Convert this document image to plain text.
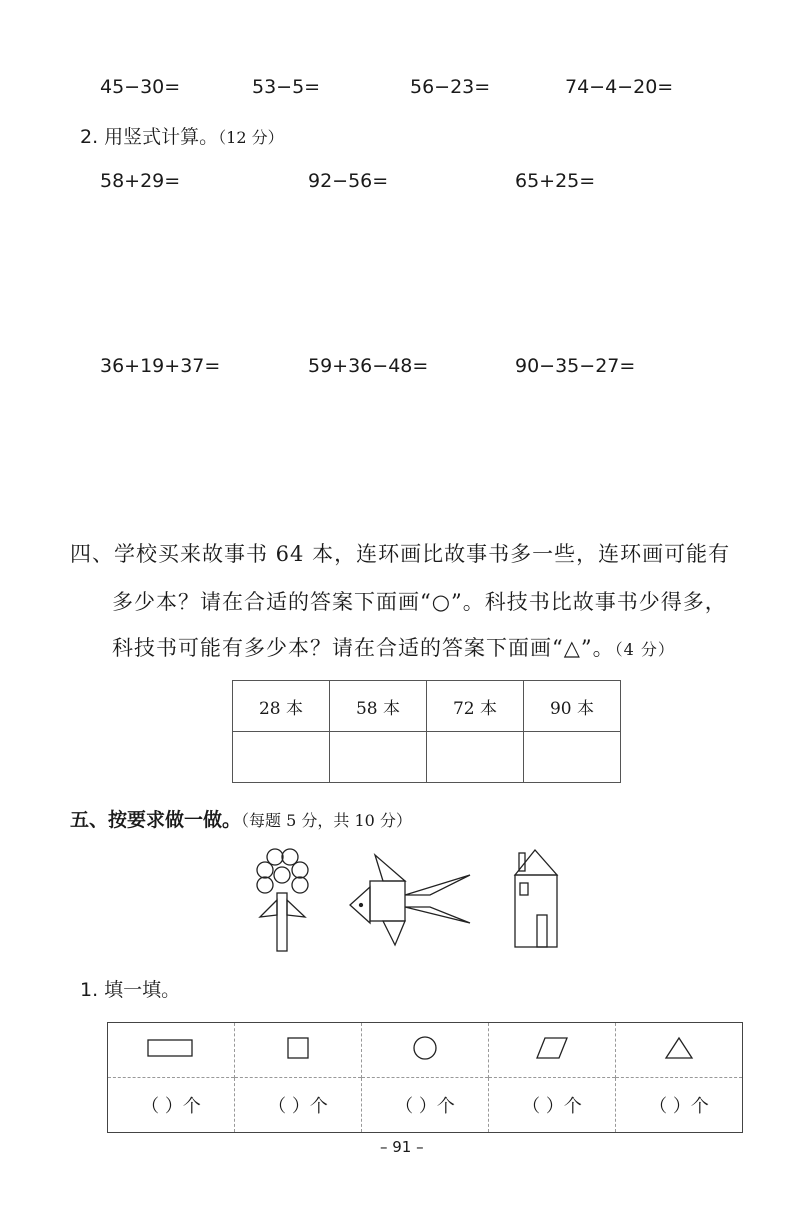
45−30=	53−5=	56−23=	74−4−20=
2. 用竖式计算。（12 分）
58+29=	92−56=	65+25=
36+19+37=	59+36−48=	90−35−27=
四、学校买来故事书 64 本，连环画比故事书多一些，连环画可能有
多少本？请在合适的答案下面画“○”。科技书比故事书少得多，
科技书可能有多少本？请在合适的答案下面画“△”。（4 分）
28 本	58 本	72 本	90 本

五、按要求做一做。（每题 5 分，共 10 分）
1. 填一填。

（ ）个	（ ）个	（ ）个	（ ）个	（ ）个
– 91 –
